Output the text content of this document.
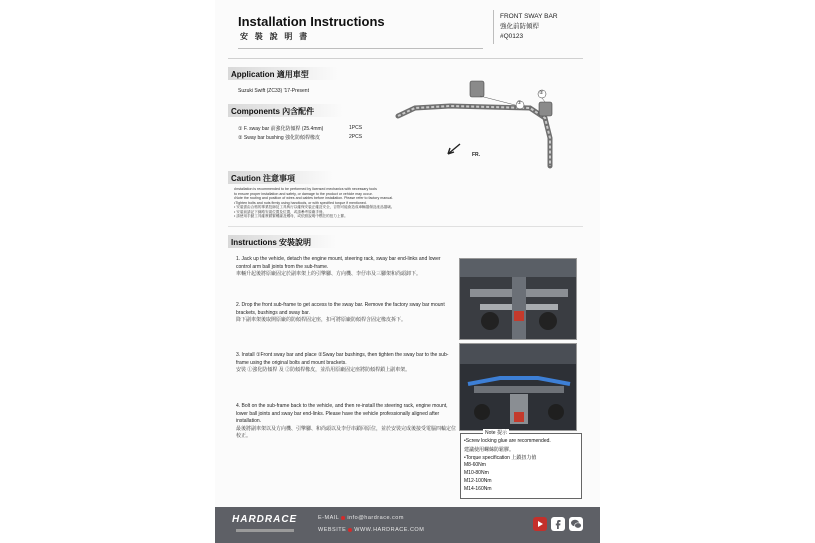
Installation Instructions
安 裝 說 明 書
FRONT SWAY BAR
強化前防傾桿
#Q0123
Application 適用車型
Suzuki Swift (ZC33) '17-Present
Components 內含配件
① F. sway bar 前強化防傾桿 (25.4mm)	1PCS
② Sway bar bushing 強化防傾桿橡皮	2PCS
①
②
FR.
Caution 注意事項
•Installation is recommended to be performed by licensed mechanics with necessary tools
to ensure proper installation and safety, or damage to the product or vehicle may occur.
•Note the routing and position of wires and cables before installation. Please refer to factory manual.
•Tighten bolts and nuts firmly using handtools, or with specified torque if mentioned.
• 安裝需由合格的專業技師及工具執行以確保安裝正確及安全，否則可能會造成車輛損傷及產品損壞。
• 安裝前請記下線路安裝位置及位置，或請參考原廠手冊。
• 請使用手動工具確實鎖緊螺絲及螺母，或依照說明中標註的扭力上緊。
Instructions 安裝說明
1. Jack up the vehicle, detach the engine mount, steering rack, sway bar end-links and lower control arm ball joints from the sub-frame.
車輛升起後將原廠固定於副車架上的引擎腳、方向機、李仔串及三腳架和尚頭卸下。
2. Drop the front sub-frame to get access to the sway bar. Remove the factory sway bar mount brackets, bushings and sway bar.
降下副車架後取開原廠的防傾桿固定座，扣可將原廠防傾桿含固定橡皮拆下。
3. Install ①Front sway bar and place ②Sway bar bushings, then tighten the sway bar to the sub-frame using the original bolts and mount brackets.
安裝 ①強化防傾桿 及 ②防傾桿橡皮，並沿用原廠固定座將防傾桿鎖上副車架。
4. Bolt on the sub-frame back to the vehicle, and then re-install the steering rack, engine mount, lower ball joints and sway bar end-links. Please have the vehicle professionally aligned after installation.
最後將副車架以及方向機、引擎腳、和尚頭以及李仔串鎖回原位，並於安裝完成後接受電腦四輪定位校正。
Note 提示
•Screw locking glue are recommended.
建議使用螺絲防鬆膠。
•Torque specification 上鎖扭力值
M8-60Nm
M10-80Nm
M12-100Nm
M14-160Nm
HARDRACE	E-MAIL info@hardrace.com
WEBSITE WWW.HARDRACE.COM
